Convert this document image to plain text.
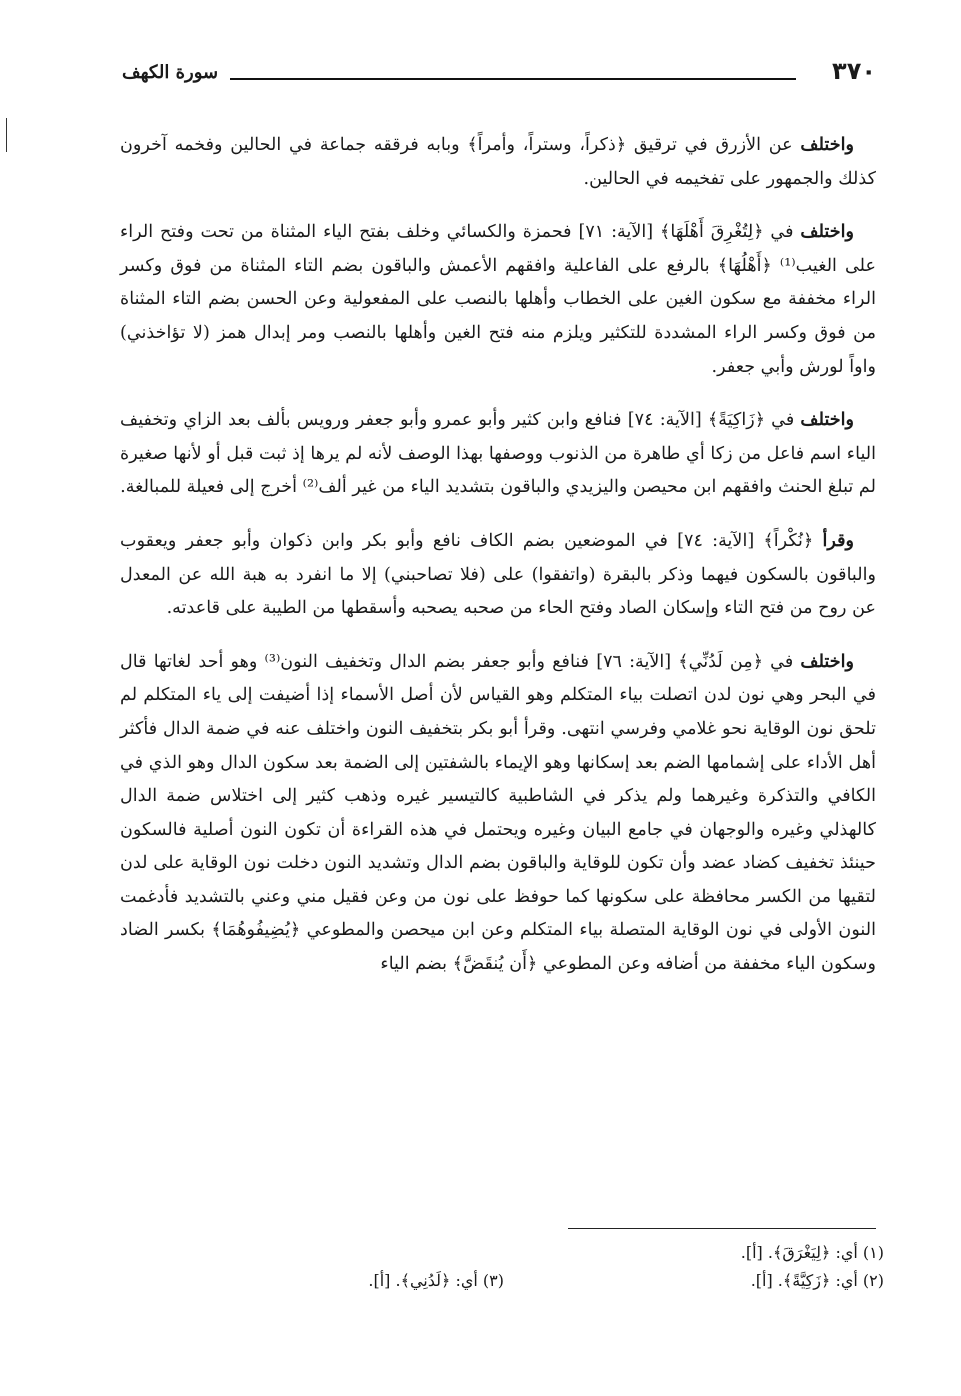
٣٧٠
سورة الكهف

واختلف عن الأزرق في ترقيق ﴿ذكراً، وستراً، وأمراً﴾ وبابه فرققه جماعة في الحالين وفخمه آخرون كذلك والجمهور على تفخيمه في الحالين.

واختلف في ﴿لِتُغْرِقَ أَهْلَهَا﴾ [الآية: ٧١] فحمزة والكسائي وخلف بفتح الياء المثناة من تحت وفتح الراء على الغيب⁽¹⁾ ﴿أَهْلُهَا﴾ بالرفع على الفاعلية وافقهم الأعمش والباقون بضم التاء المثناة من فوق وكسر الراء مخففة مع سكون الغين على الخطاب وأهلها بالنصب على المفعولية وعن الحسن بضم التاء المثناة من فوق وكسر الراء المشددة للتكثير ويلزم منه فتح الغين وأهلها بالنصب ومر إبدال همز (لا تؤاخذني) واواً لورش وأبي جعفر.

واختلف في ﴿زَاكِيَةً﴾ [الآية: ٧٤] فنافع وابن كثير وأبو عمرو وأبو جعفر ورويس بألف بعد الزاي وتخفيف الياء اسم فاعل من زكا أي طاهرة من الذنوب ووصفها بهذا الوصف لأنه لم يرها إذ ثبت قبل أو لأنها صغيرة لم تبلغ الحنث وافقهم ابن محيصن واليزيدي والباقون بتشديد الياء من غير ألف⁽²⁾ أخرج إلى فعيلة للمبالغة.

وقرأ ﴿نُكْراً﴾ [الآية: ٧٤] في الموضعين بضم الكاف نافع وأبو بكر وابن ذكوان وأبو جعفر ويعقوب والباقون بالسكون فيهما وذكر بالبقرة (واتفقوا) على (فلا تصاحبني) إلا ما انفرد به هبة الله عن المعدل عن روح من فتح التاء وإسكان الصاد وفتح الحاء من صحبه يصحبه وأسقطها من الطيبة على قاعدته.

واختلف في ﴿مِن لَدُنِّي﴾ [الآية: ٧٦] فنافع وأبو جعفر بضم الدال وتخفيف النون⁽³⁾ وهو أحد لغاتها قال في البحر وهي نون لدن اتصلت بياء المتكلم وهو القياس لأن أصل الأسماء إذا أضيفت إلى ياء المتكلم لم تلحق نون الوقاية نحو غلامي وفرسي انتهى. وقرأ أبو بكر بتخفيف النون واختلف عنه في ضمة الدال فأكثر أهل الأداء على إشمامها الضم بعد إسكانها وهو الإيماء بالشفتين إلى الضمة بعد سكون الدال وهو الذي في الكافي والتذكرة وغيرهما ولم يذكر في الشاطبية كالتيسير غيره وذهب كثير إلى اختلاس ضمة الدال كالهذلي وغيره والوجهان في جامع البيان وغيره ويحتمل في هذه القراءة أن تكون النون أصلية فالسكون حينئذ تخفيف كضاد عضد وأن تكون للوقاية والباقون بضم الدال وتشديد النون دخلت نون الوقاية على لدن لتقيها من الكسر محافظة على سكونها كما حوفظ على نون من وعن فقيل مني وعني بالتشديد فأدغمت النون الأولى في نون الوقاية المتصلة بياء المتكلم وعن ابن ميحصن والمطوعي ﴿يُضِيفُوهُمَا﴾ بكسر الضاد وسكون الياء مخففة من أضافه وعن المطوعي ﴿أَن يُنقَضَّ﴾ بضم الياء

(١) أي: ﴿لِيَغْرَقَ﴾. [أ].
(٢) أي: ﴿زَكِيَّةً﴾. [أ].
(٣) أي: ﴿لَدُنِي﴾. [أ].
